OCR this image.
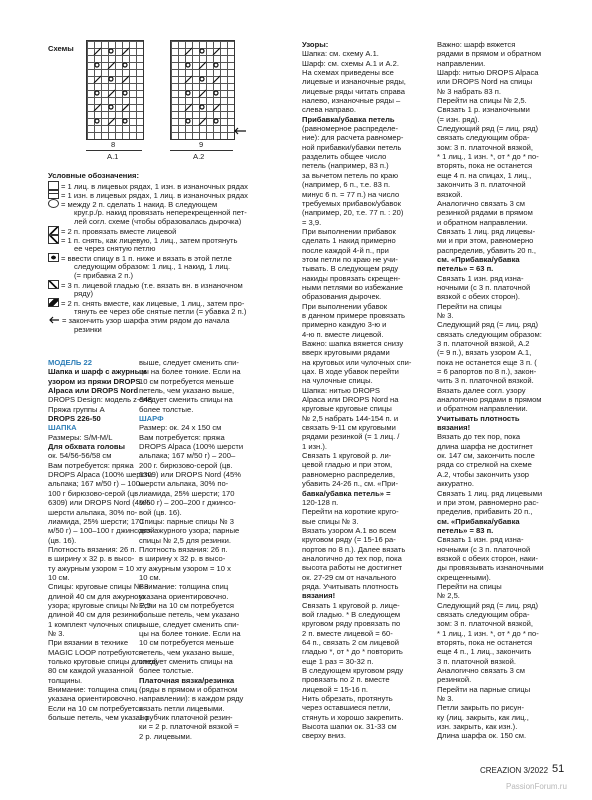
Схемы
8
A.1
9
A.2
Условные обозначения:
= 1 лиц. в лицевых рядах, 1 изн. в изнаночных рядах
= 1 изн. в лицевых рядах, 1 лиц. в изнаночных рядах
= между 2 п. сделать 1 накид. В следующем
круг.р./р. накид провязать неперекрещенной пет-
лей согл. схеме (чтобы образовалась дырочка)
= 2 п. провязать вместе лицевой
= 1 п. снять, как лицевую, 1 лиц., затем протянуть
ее через снятую петлю
= ввести спицу в 1 п. ниже и вязать в этой петле
следующим образом: 1 лиц., 1 накид, 1 лиц.
(= прибавка 2 п.)
= 3 п. лицевой гладью (т.е. вязать вн. в изнаночном
ряду)
= 2 п. снять вместе, как лицевые, 1 лиц., затем про-
тянуть ее через обе снятые петли (= убавка 2 п.)
= закончить узор шарфа этим рядом до начала
резинки
МОДЕЛЬ 22
Шапка и шарф с ажурным
узором из пряжи DROPS
Alpaca или DROPS Nord
DROPS Design: модель z-948
Пряжа группы A
DROPS 226-50
ШАПКА
Размеры: S/M-M/L
Для обхвата головы
ок. 54/56-56/58 см
Вам потребуется: пряжа
DROPS Alpaca (100% шерсти
альпака; 167 м/50 г) – 100–
100 г бирюзово-серой (цв.
6309) или DROPS Nord (45%
шерсти альпака, 30% по-
лиамида, 25% шерсти; 170
м/50 г) – 100–100 г джинсовой
(цв. 16).
Плотность вязания: 26 п.
в ширину х 32 р. в высо-
ту ажурным узором = 10 х
10 см.
Спицы: круговые спицы № 3
длиной 40 см для ажурного
узора; круговые спицы № 2,5
длиной 40 см для резинки;
1 комплект чулочных спиц
№ 3.
При вязании в технике
MAGIC LOOP потребуются
только круговые спицы длиной
80 см каждой указанной
толщины.
Внимание: толщина спиц
указана ориентировочно.
Если на 10 см потребуется
больше петель, чем указано
выше, следует сменить спи-
цы на более тонкие. Если на
10 см потребуется меньше
петель, чем указано выше,
следует сменить спицы на
более толстые.
ШАРФ
Размер: ок. 24 х 150 см
Вам потребуется: пряжа
DROPS Alpaca (100% шерсти
альпака; 167 м/50 г) – 200–
200 г. бирюзово-серой (цв.
6309) или DROPS Nord (45%
шерсти альпака, 30% по-
лиамида, 25% шерсти; 170
м/50 г) – 200–200 г джинсо-
вой (цв. 16).
Спицы: парные спицы № 3
для ажурного узора; парные
спицы № 2,5 для резинки.
Плотность вязания: 26 п.
в ширину х 32 р. в высо-
ту ажурным узором = 10 х
10 см.
Внимание: толщина спиц
указана ориентировочно.
Если на 10 см потребуется
больше петель, чем указано
выше, следует сменить спи-
цы на более тонкие. Если на
10 см потребуется меньше
петель, чем указано выше,
следует сменить спицы на
более толстые.
Платочная вязка/резинка
(ряды в прямом и обратном
направлении): в каждом ряду
вязать петли лицевыми.
1 рубчик платочной резин-
ки = 2 р. платочной вязкой =
2 р. лицевыми.
Узоры:
Шапка: см. схему A.1.
Шарф: см. схемы A.1 и A.2.
На схемах приведены все
лицевые и изнаночные ряды,
лицевые ряды читать справа
налево, изнаночные ряды –
слева направо.
Прибавка/убавка петель
(равномерное распределе-
ние): для расчета равномер-
ной прибавки/убавки петель
разделить общее число
петель (например, 83 п.)
за вычетом петель по краю
(например, 6 п., т.е. 83 п.
минус 6 п. = 77 п.) на число
требуемых прибавок/убавок
(например, 20, т.е. 77 п. : 20)
= 3,9.
При выполнении прибавок
сделать 1 накид примерно
после каждой 4-й п., при
этом петли по краю не учи-
тывать. В следующем ряду
накиды провязать скрещен-
ными петлями во избежание
образования дырочек.
При выполнении убавок
в данном примере провязать
примерно каждую 3-ю и
4-ю п. вместе лицевой.
Важно: шапка вяжется снизу
вверх круговыми рядами
на круговых или чулочных спи-
цах. В ходе убавок перейти
на чулочные спицы.
Шапка: нитью DROPS
Alpaca или DROPS Nord на
круговые круговые спицы
№ 2,5 набрать 144-154 п. и
связать 9-11 см круговыми
рядами резинкой (= 1 лиц. /
1 изн.).
Связать 1 круговой р. ли-
цевой гладью и при этом,
равномерно распределив,
убавить 24-26 п., см. «При-
бавка/убавка петель» =
120-128 п.
Перейти на короткие круго-
вые спицы № 3.
Вязать узором A.1 во всем
круговом ряду (= 15-16 ра-
портов по 8 п.). Далее вязать
аналогично до тех пор, пока
высота работы не достигнет
ок. 27-29 см от начального
ряда. Учитывать плотность
вязания!
Связать 1 круговой р. лице-
вой гладью. * В следующем
круговом ряду провязать по
2 п. вместе лицевой = 60-
64 п., связать 2 см лицевой
гладью *, от * до * повторить
еще 1 раз = 30-32 п.
В следующем круговом ряду
провязать по 2 п. вместе
лицевой = 15-16 п.
Нить обрезать, протянуть
через оставшиеся петли,
стянуть и хорошо закрепить.
Высота шапки ок. 31-33 см
сверху вниз.
Важно: шарф вяжется
рядами в прямом и обратном
направлении.
Шарф: нитью DROPS Alpaca
или DROPS Nord на спицы
№ 3 набрать 83 п.
Перейти на спицы № 2,5.
Связать 1 р. изнаночными
(= изн. ряд).
Следующий ряд (= лиц. ряд)
связать следующим обра-
зом: 3 п. платочной вязкой,
* 1 лиц., 1 изн. *, от * до * по-
вторять, пока не останется
еще 4 п. на спицах, 1 лиц.,
закончить 3 п. платочной
вязкой.
Аналогично связать 3 см
резинкой рядами в прямом
и обратном направлении.
Связать 1 лиц. ряд лицевы-
ми и при этом, равномерно
распределив, убавить 20 п.,
см. «Прибавка/убавка
петель» = 63 п.
Связать 1 изн. ряд изна-
ночными (с 3 п. платочной
вязкой с обеих сторон).
Перейти на спицы
№ 3.
Следующий ряд (= лиц. ряд)
связать следующим образом:
3 п. платочной вязкой, A.2
(= 9 п.), вязать узором A.1,
пока не останется еще 3 п. (
= 6 рапортов по 8 п.), закон-
чить 3 п. платочной вязкой.
Вязать далее согл. узору
аналогично рядами в прямом
и обратном направлении.
Учитывать плотность
вязания!
Вязать до тех пор, пока
длина шарфа не достигнет
ок. 147 см, закончить после
ряда со стрелкой на схеме
A.2, чтобы закончить узор
аккуратно.
Связать 1 лиц. ряд лицевыми
и при этом, равномерно рас-
пределив, прибавить 20 п.,
см. «Прибавка/убавка
петель» = 83 п.
Связать 1 изн. ряд изна-
ночными (с 3 п. платочной
вязкой с обеих сторон, наки-
ды провязывать изнаночными
скрещенными).
Перейти на спицы
№ 2,5.
Следующий ряд (= лиц. ряд)
связать следующим обра-
зом: 3 п. платочной вязкой,
* 1 лиц., 1 изн. *, от * до * по-
вторять, пока не останется
еще 4 п., 1 лиц., закончить
3 п. платочной вязкой.
Аналогично связать 3 см
резинкой.
Перейти на парные спицы
№ 3.
Петли закрыть по рисун-
ку (лиц. закрыть, как лиц.,
изн. закрыть, как изн.).
Длина шарфа ок. 150 см.
CREAZION 3/2022 51
PassionForum.ru
